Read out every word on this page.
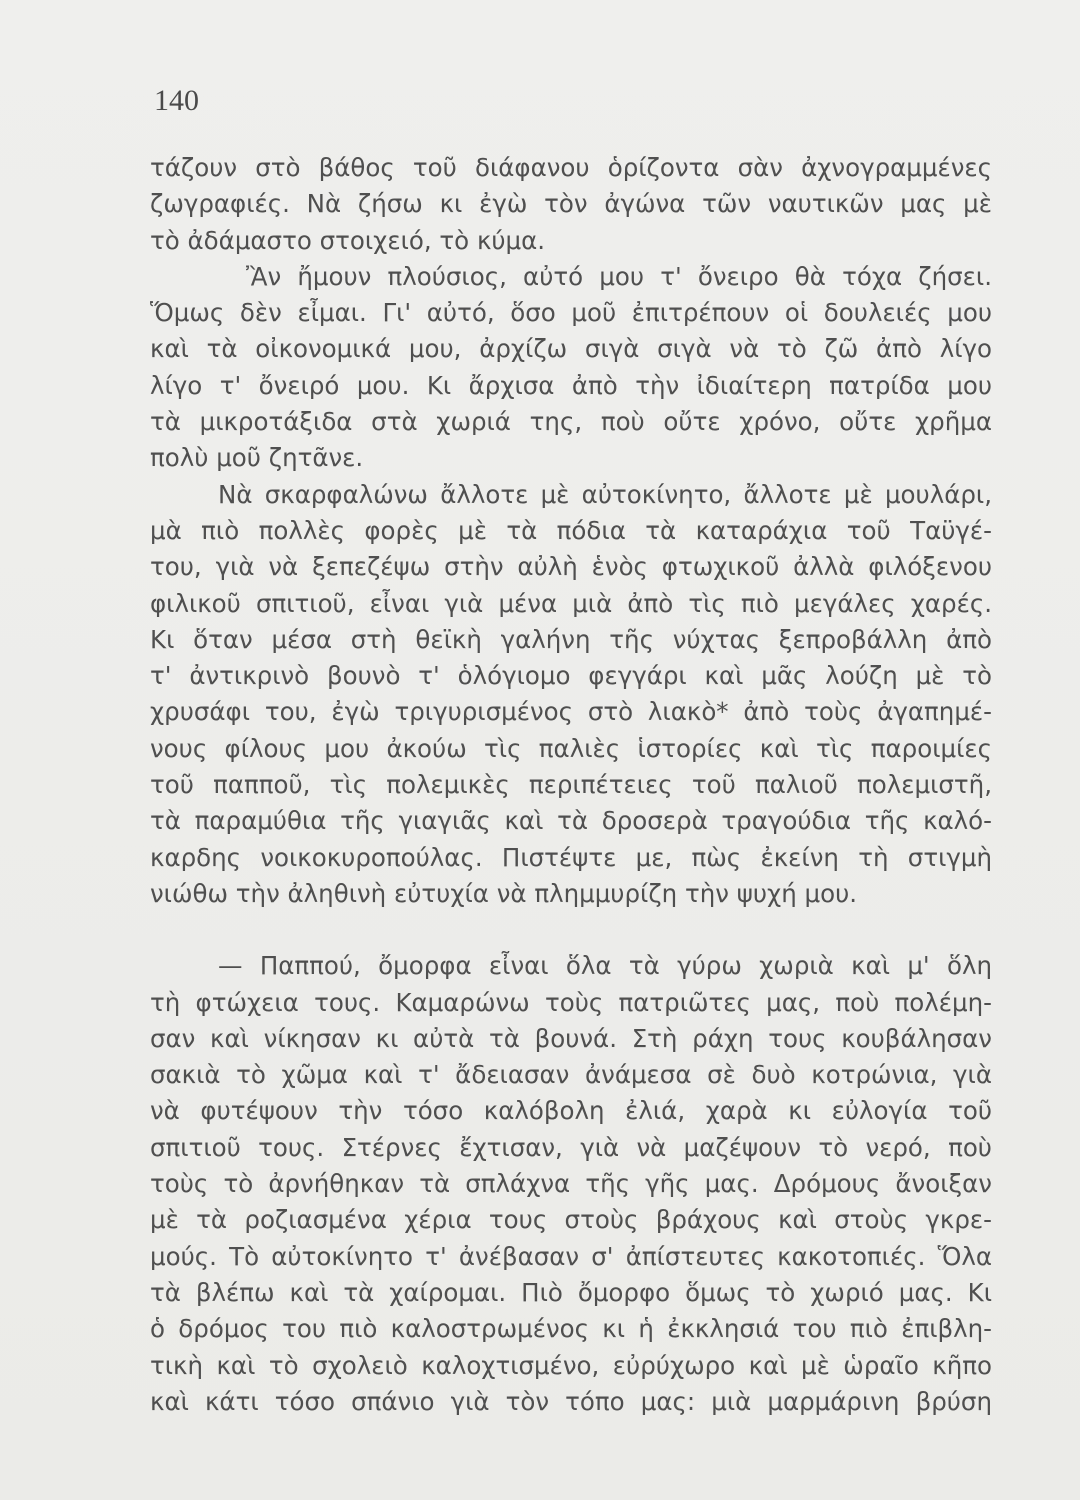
140
τάζουν στὸ βάθος τοῦ διάφανου ὁρίζοντα σὰν ἀχνογραμμένες
ζωγραφιές. Νὰ ζήσω κι ἐγὼ τὸν ἀγώνα τῶν ναυτικῶν μας μὲ
τὸ ἀδάμαστο στοιχειό, τὸ κύμα.
Ἂν ἤμουν πλούσιος, αὐτό μου τ' ὄνειρο θὰ τόχα ζήσει.
Ὅμως δὲν εἶμαι. Γι' αὐτό, ὅσο μοῦ ἐπιτρέπουν οἱ δουλειές μου
καὶ τὰ οἰκονομικά μου, ἀρχίζω σιγὰ σιγὰ νὰ τὸ ζῶ ἀπὸ λίγο
λίγο τ' ὄνειρό μου. Κι ἄρχισα ἀπὸ τὴν ἰδιαίτερη πατρίδα μου
τὰ μικροτάξιδα στὰ χωριά της, ποὺ οὔτε χρόνο, οὔτε χρῆμα
πολὺ μοῦ ζητᾶνε.
Νὰ σκαρφαλώνω ἄλλοτε μὲ αὐτοκίνητο, ἄλλοτε μὲ μουλάρι,
μὰ πιὸ πολλὲς φορὲς μὲ τὰ πόδια τὰ καταράχια τοῦ Ταϋγέ-
του, γιὰ νὰ ξεπεζέψω στὴν αὐλὴ ἑνὸς φτωχικοῦ ἀλλὰ φιλόξενου
φιλικοῦ σπιτιοῦ, εἶναι γιὰ μένα μιὰ ἀπὸ τὶς πιὸ μεγάλες χαρές.
Κι ὅταν μέσα στὴ θεϊκὴ γαλήνη τῆς νύχτας ξεπροβάλλη ἀπὸ
τ' ἀντικρινὸ βουνὸ τ' ὁλόγιομο φεγγάρι καὶ μᾶς λούζη μὲ τὸ
χρυσάφι του, ἐγὼ τριγυρισμένος στὸ λιακὸ* ἀπὸ τοὺς ἀγαπημέ-
νους φίλους μου ἀκούω τὶς παλιὲς ἱστορίες καὶ τὶς παροιμίες
τοῦ παπποῦ, τὶς πολεμικὲς περιπέτειες τοῦ παλιοῦ πολεμιστῆ,
τὰ παραμύθια τῆς γιαγιᾶς καὶ τὰ δροσερὰ τραγούδια τῆς καλό-
καρδης νοικοκυροπούλας. Πιστέψτε με, πὼς ἐκείνη τὴ στιγμὴ
νιώθω τὴν ἀληθινὴ εὐτυχία νὰ πλημμυρίζη τὴν ψυχή μου.
— Παππού, ὄμορφα εἶναι ὅλα τὰ γύρω χωριὰ καὶ μ' ὅλη
τὴ φτώχεια τους. Καμαρώνω τοὺς πατριῶτες μας, ποὺ πολέμη-
σαν καὶ νίκησαν κι αὐτὰ τὰ βουνά. Στὴ ράχη τους κουβάλησαν
σακιὰ τὸ χῶμα καὶ τ' ἄδειασαν ἀνάμεσα σὲ δυὸ κοτρώνια, γιὰ
νὰ φυτέψουν τὴν τόσο καλόβολη ἐλιά, χαρὰ κι εὐλογία τοῦ
σπιτιοῦ τους. Στέρνες ἔχτισαν, γιὰ νὰ μαζέψουν τὸ νερό, ποὺ
τοὺς τὸ ἀρνήθηκαν τὰ σπλάχνα τῆς γῆς μας. Δρόμους ἄνοιξαν
μὲ τὰ ροζιασμένα χέρια τους στοὺς βράχους καὶ στοὺς γκρε-
μούς. Τὸ αὐτοκίνητο τ' ἀνέβασαν σ' ἀπίστευτες κακοτοπιές. Ὅλα
τὰ βλέπω καὶ τὰ χαίρομαι. Πιὸ ὄμορφο ὅμως τὸ χωριό μας. Κι
ὁ δρόμος του πιὸ καλοστρωμένος κι ἡ ἐκκλησιά του πιὸ ἐπιβλη-
τικὴ καὶ τὸ σχολειὸ καλοχτισμένο, εὐρύχωρο καὶ μὲ ὡραῖο κῆπο
καὶ κάτι τόσο σπάνιο γιὰ τὸν τόπο μας: μιὰ μαρμάρινη βρύση
